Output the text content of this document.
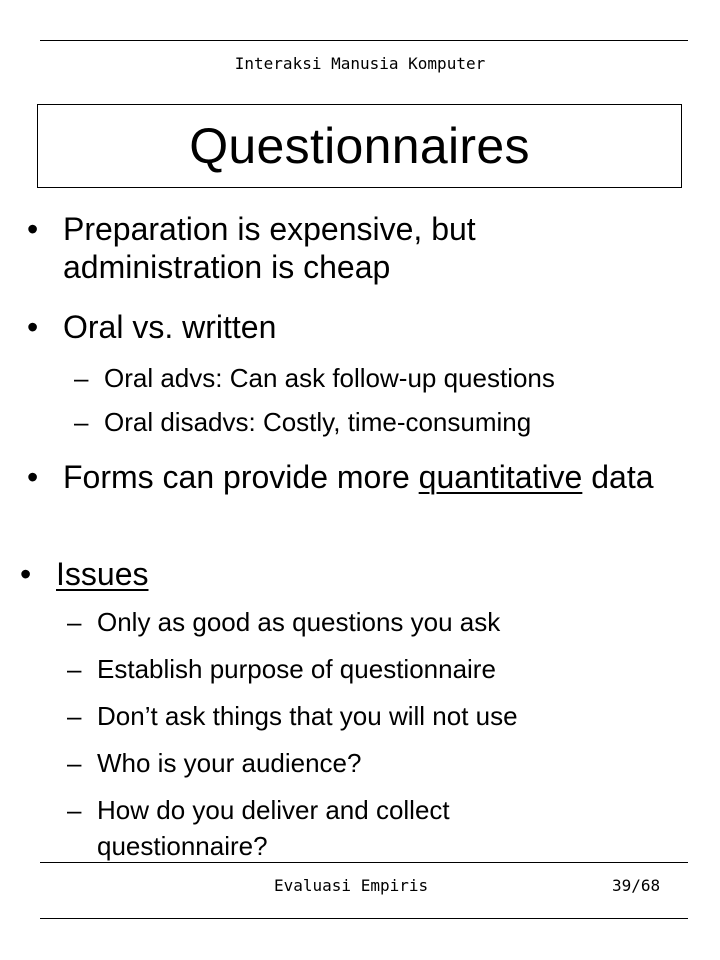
Interaksi Manusia Komputer
Questionnaires
• Preparation is expensive, but administration is cheap
• Oral vs. written
– Oral advs: Can ask follow-up questions
– Oral disadvs: Costly, time-consuming
• Forms can provide more quantitative data
• Issues
– Only as good as questions you ask
– Establish purpose of questionnaire
– Don’t ask things that you will not use
– Who is your audience?
– How do you deliver and collect questionnaire?
Evaluasi Empiris	39/68
